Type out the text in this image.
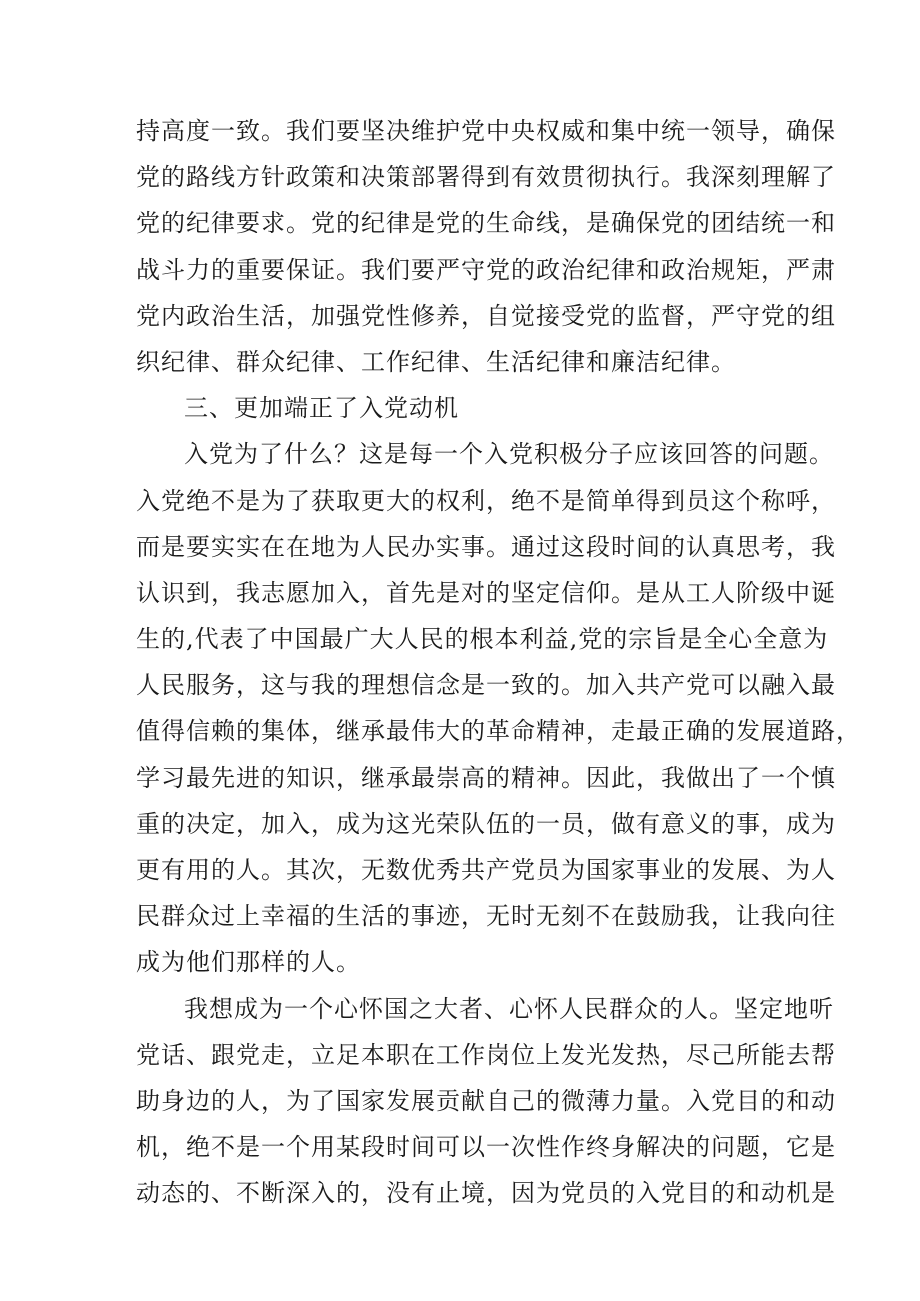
持高度一致。我们要坚决维护党中央权威和集中统一领导，确保
党的路线方针政策和决策部署得到有效贯彻执行。我深刻理解了
党的纪律要求。党的纪律是党的生命线，是确保党的团结统一和
战斗力的重要保证。我们要严守党的政治纪律和政治规矩，严肃
党内政治生活，加强党性修养，自觉接受党的监督，严守党的组
织纪律、群众纪律、工作纪律、生活纪律和廉洁纪律。
三、更加端正了入党动机
入党为了什么？这是每一个入党积极分子应该回答的问题。
入党绝不是为了获取更大的权利，绝不是简单得到员这个称呼，
而是要实实在在地为人民办实事。通过这段时间的认真思考，我
认识到，我志愿加入，首先是对的坚定信仰。是从工人阶级中诞
生的,代表了中国最广大人民的根本利益,党的宗旨是全心全意为
人民服务，这与我的理想信念是一致的。加入共产党可以融入最
值得信赖的集体，继承最伟大的革命精神，走最正确的发展道路，
学习最先进的知识，继承最崇高的精神。因此，我做出了一个慎
重的决定，加入，成为这光荣队伍的一员，做有意义的事，成为
更有用的人。其次，无数优秀共产党员为国家事业的发展、为人
民群众过上幸福的生活的事迹，无时无刻不在鼓励我，让我向往
成为他们那样的人。
我想成为一个心怀国之大者、心怀人民群众的人。坚定地听
党话、跟党走，立足本职在工作岗位上发光发热，尽己所能去帮
助身边的人，为了国家发展贡献自己的微薄力量。入党目的和动
机，绝不是一个用某段时间可以一次性作终身解决的问题，它是
动态的、不断深入的，没有止境，因为党员的入党目的和动机是
